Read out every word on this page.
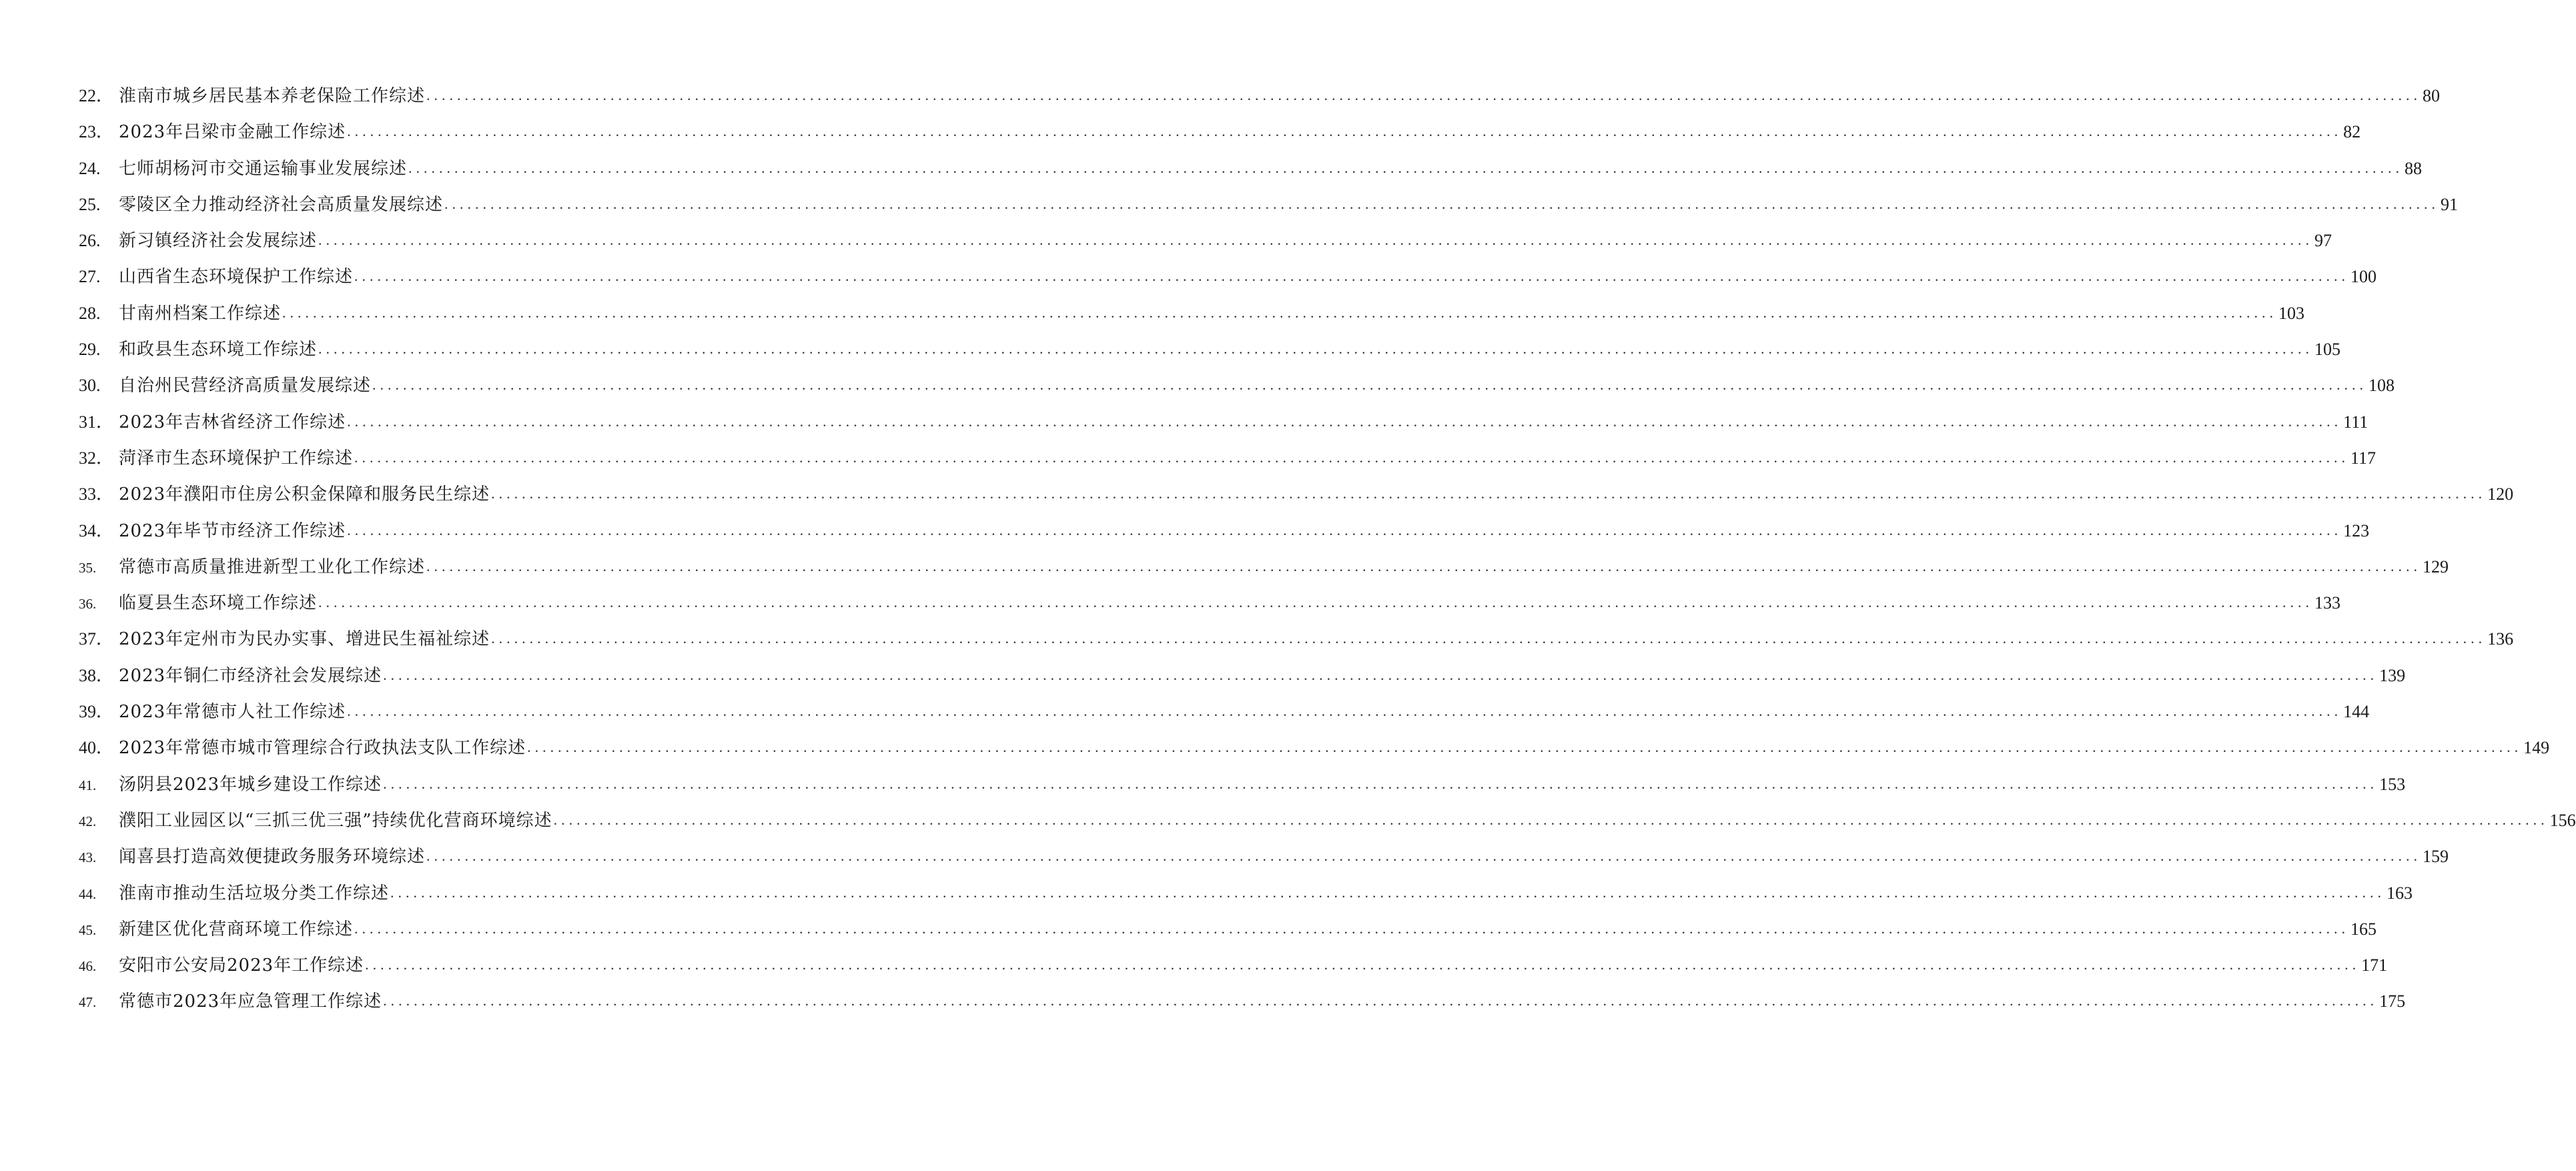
22． 淮南市城乡居民基本养老保险工作综述 .....	80
23． 2023年吕梁市金融工作综述 .....	82
24.	七师胡杨河市交通运输事业发展综述 .....	88
25.	零陵区全力推动经济社会高质量发展综述 .....	91
26.	新习镇经济社会发展综述 .....	97
27.	山西省生态环境保护工作综述 .....	100
28.	甘南州档案工作综述 .....	103
29.	和政县生态环境工作综述 .....	105
30.	自治州民营经济高质量发展综述 .....	108
31． 2023年吉林省经济工作综述 .....	111
32． 菏泽市生态环境保护工作综述 .....	117
33． 2023年濮阳市住房公积金保障和服务民生综述 .....	120
34． 2023年毕节市经济工作综述 .....	123
35.	常德市高质量推进新型工业化工作综述 .....	129
36.	临夏县生态环境工作综述 .....	133
37． 2023年定州市为民办实事、增进民生福祉综述 .....	136
38． 2023年铜仁市经济社会发展综述 .....	139
39． 2023年常德市人社工作综述 .....	144
40． 2023年常德市城市管理综合行政执法支队工作综述 .....	149
41.	汤阴县2023年城乡建设工作综述 .....	153
42.	濮阳工业园区以“三抓三优三强”持续优化营商环境综述 .....	156
43.	闻喜县打造高效便捷政务服务环境综述 .....	159
44.	淮南市推动生活垃圾分类工作综述 .....	163
45.	新建区优化营商环境工作综述 .....	165
46.	安阳市公安局2023年工作综述 .....	171
47.	常德市2023年应急管理工作综述 .....	175
